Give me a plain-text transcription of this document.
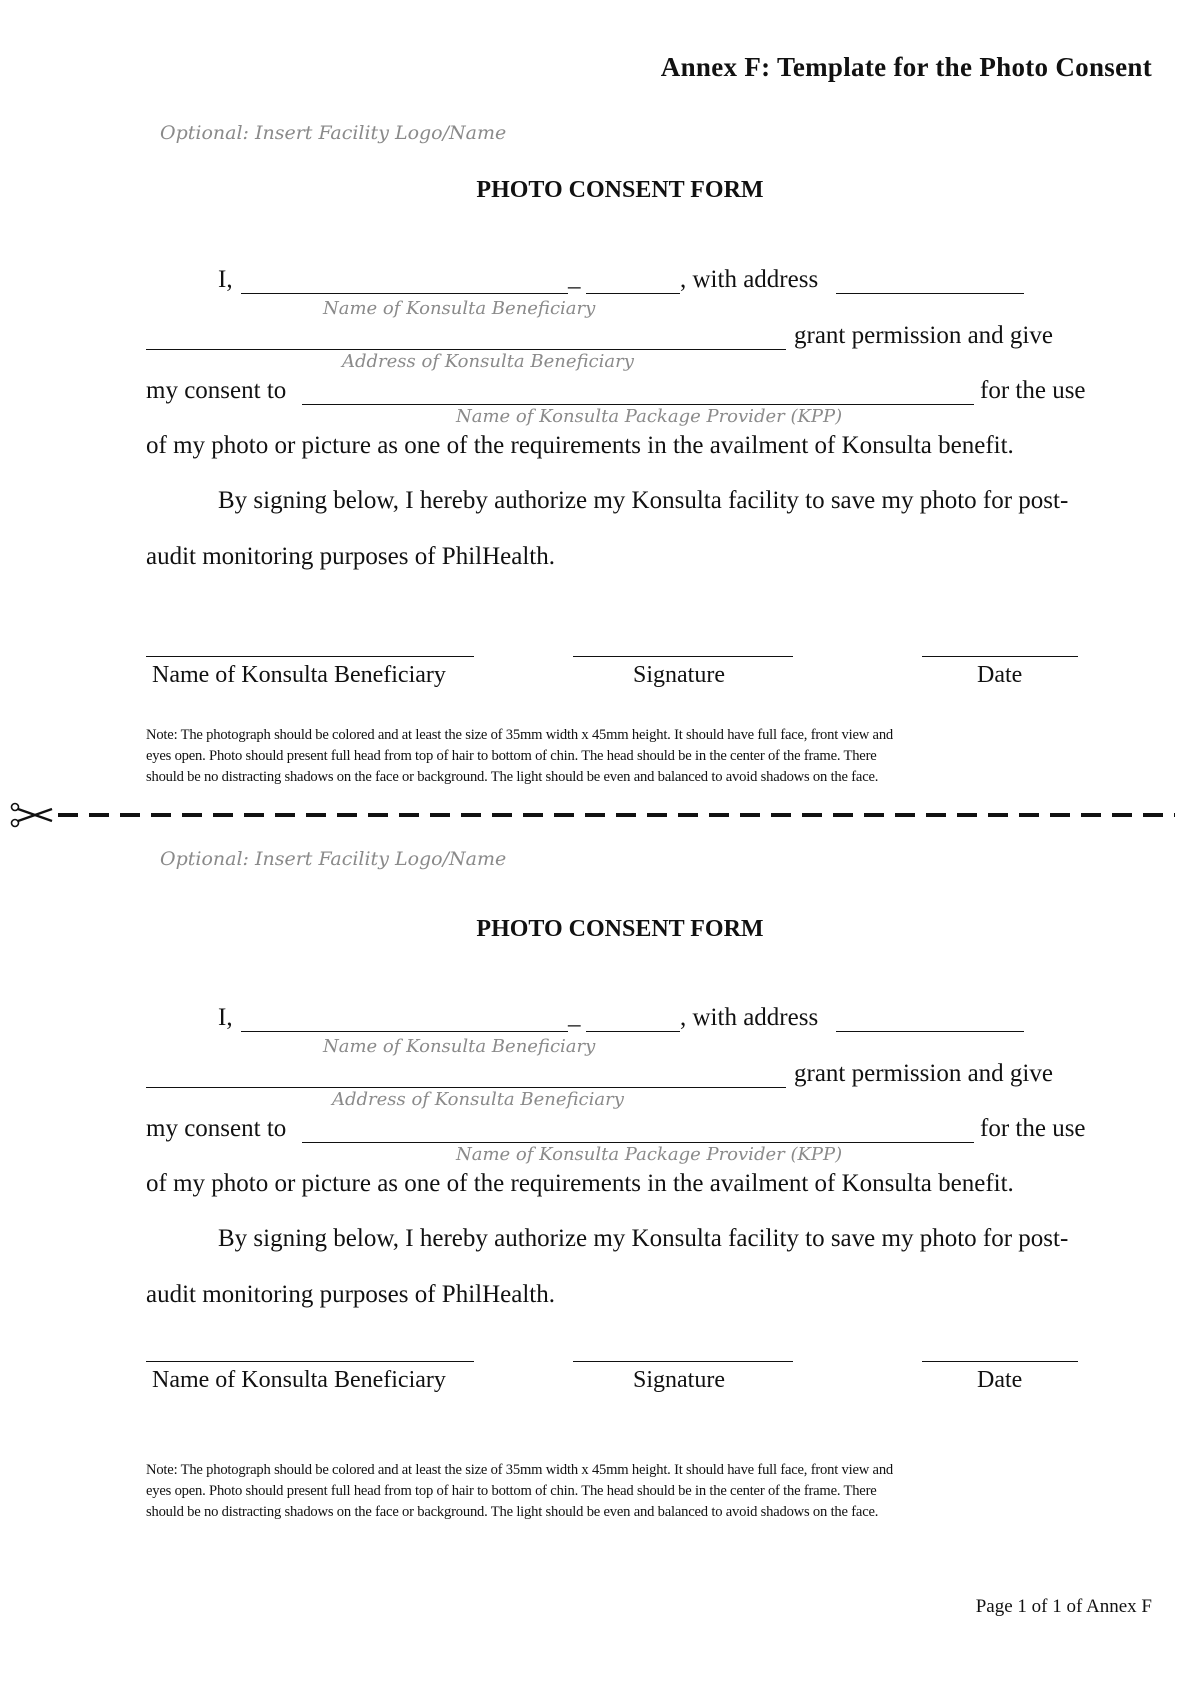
Annex F: Template for the Photo Consent
Optional: Insert Facility Logo/Name
PHOTO CONSENT FORM
I,	_	, with address
Name of Konsulta Beneficiary
grant permission and give
Address of Konsulta Beneficiary
my consent to	for the use
Name of Konsulta Package Provider (KPP)
of my photo or picture as one of the requirements in the availment of Konsulta benefit.
By signing below, I hereby authorize my Konsulta facility to save my photo for post-
audit monitoring purposes of PhilHealth.
Name of Konsulta Beneficiary	Signature	Date
Note: The photograph should be colored and at least the size of 35mm width x 45mm height. It should have full face, front view and
eyes open. Photo should present full head from top of hair to bottom of chin. The head should be in the center of the frame. There
should be no distracting shadows on the face or background. The light should be even and balanced to avoid shadows on the face.
Optional: Insert Facility Logo/Name
PHOTO CONSENT FORM
I,	_	, with address
Name of Konsulta Beneficiary
grant permission and give
Address of Konsulta Beneficiary
my consent to	for the use
Name of Konsulta Package Provider (KPP)
of my photo or picture as one of the requirements in the availment of Konsulta benefit.
By signing below, I hereby authorize my Konsulta facility to save my photo for post-
audit monitoring purposes of PhilHealth.
Name of Konsulta Beneficiary	Signature	Date
Note: The photograph should be colored and at least the size of 35mm width x 45mm height. It should have full face, front view and
eyes open. Photo should present full head from top of hair to bottom of chin. The head should be in the center of the frame. There
should be no distracting shadows on the face or background. The light should be even and balanced to avoid shadows on the face.
Page 1 of 1 of Annex F
